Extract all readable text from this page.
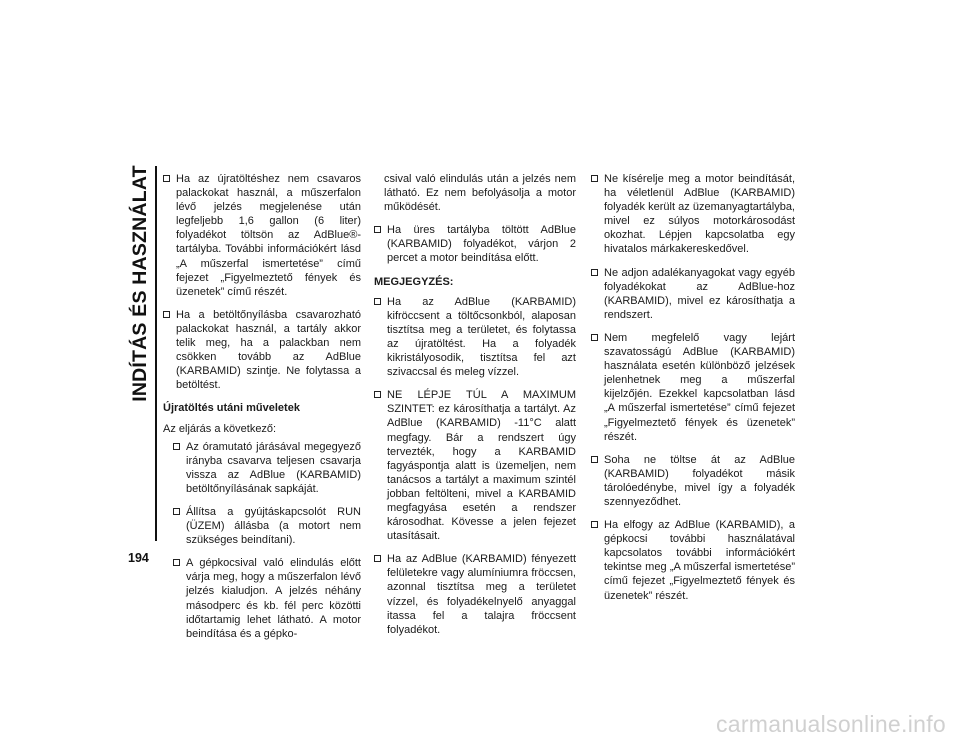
INDÍTÁS ÉS HASZNÁLAT
194

Ha az újratöltéshez nem csavaros palackokat használ, a műszerfalon lévő jelzés megjelenése után legfeljebb 1,6 gallon (6 liter) folyadékot töltsön az AdBlue®-tartályba. További információkért lásd „A műszerfal ismertetése” című fejezet „Figyelmeztető fények és üzenetek” című részét.

Ha a betöltőnyílásba csavarozható palackokat használ, a tartály akkor telik meg, ha a palackban nem csökken tovább az AdBlue (KARBAMID) szintje. Ne folytassa a betöltést.

Újratöltés utáni műveletek

Az eljárás a következő:

Az óramutató járásával megegyező irányba csavarva teljesen csavarja vissza az AdBlue (KARBAMID) betöltőnyílásának sapkáját.

Állítsa a gyújtáskapcsolót RUN (ÜZEM) állásba (a motort nem szükséges beindítani).

A gépkocsival való elindulás előtt várja meg, hogy a műszerfalon lévő jelzés kialudjon. A jelzés néhány másodperc és kb. fél perc közötti időtartamig lehet látható. A motor beindítása és a gépko-

csival való elindulás után a jelzés nem látható. Ez nem befolyásolja a motor működését.

Ha üres tartályba töltött AdBlue (KARBAMID) folyadékot, várjon 2 percet a motor beindítása előtt.

MEGJEGYZÉS:

Ha az AdBlue (KARBAMID) kifröccsent a töltőcsonkból, alaposan tisztítsa meg a területet, és folytassa az újratöltést. Ha a folyadék kikristályosodik, tisztítsa fel azt szivaccsal és meleg vízzel.

NE LÉPJE TÚL A MAXIMUM SZINTET: ez károsíthatja a tartályt. Az AdBlue (KARBAMID) -11°C alatt megfagy. Bár a rendszert úgy tervezték, hogy a KARBAMID fagyáspontja alatt is üzemeljen, nem tanácsos a tartályt a maximum szintél jobban feltölteni, mivel a KARBAMID megfagyása esetén a rendszer károsodhat. Kövesse a jelen fejezet utasításait.

Ha az AdBlue (KARBAMID) fényezett felületekre vagy alumíniumra fröccsen, azonnal tisztítsa meg a területet vízzel, és folyadékelnyelő anyaggal itassa fel a talajra fröccsent folyadékot.

Ne kísérelje meg a motor beindítását, ha véletlenül AdBlue (KARBAMID) folyadék került az üzemanyagtartályba, mivel ez súlyos motorkárosodást okozhat. Lépjen kapcsolatba egy hivatalos márkakereskedővel.

Ne adjon adalékanyagokat vagy egyéb folyadékokat az AdBlue-hoz (KARBAMID), mivel ez károsíthatja a rendszert.

Nem megfelelő vagy lejárt szavatosságú AdBlue (KARBAMID) használata esetén különböző jelzések jelenhetnek meg a műszerfal kijelzőjén. Ezekkel kapcsolatban lásd „A műszerfal ismertetése” című fejezet „Figyelmeztető fények és üzenetek” részét.

Soha ne töltse át az AdBlue (KARBAMID) folyadékot másik tárolóedénybe, mivel így a folyadék szennyeződhet.

Ha elfogy az AdBlue (KARBAMID), a gépkocsi további használatával kapcsolatos további információkért tekintse meg „A műszerfal ismertetése” című fejezet „Figyelmeztető fények és üzenetek” részét.

carmanualsonline.info
